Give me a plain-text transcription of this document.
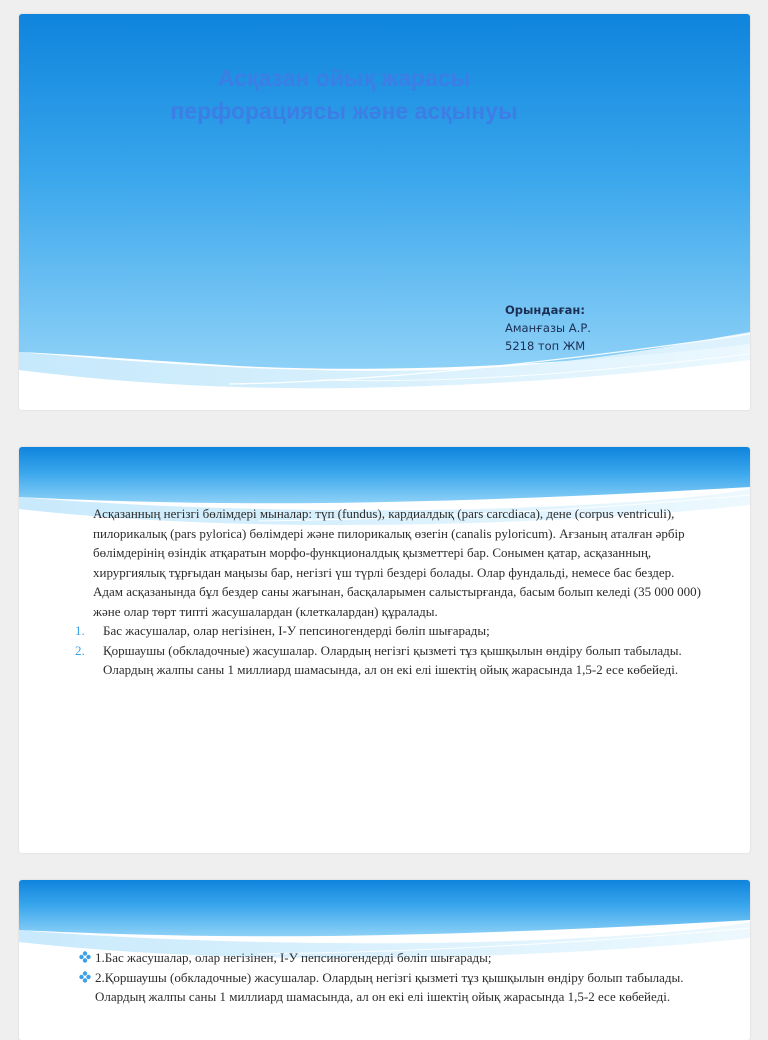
Асқазан ойық жарасы
перфорациясы және асқынуы
Орындаған:
Аманғазы А.Р.
5218 топ ЖМ

Асқазанның негізгі бөлімдері мыналар: түп (fundus), кардиалдық (pars carcdiaca), дене (corpus ventriculi), пилорикалық (pars pylorica) бөлімдері және пилорикалық өзегін (canalis pyloricum). Ағзаның аталған әрбір бөлімдерінің өзіндік атқаратын морфо-функционалдық қызметтері бар. Сонымен қатар, асқазанның, хирургиялық тұрғыдан маңызы бар, негізгі үш түрлі бездері болады. Олар фундальді, немесе бас бездер. Адам асқазанында бұл бездер саны жағынан, басқаларымен салыстырғанда, басым болып келеді (35 000 000) және олар төрт типті жасушалардан (клеткалардан) құралады.

1. Бас жасушалар, олар негізінен, І-У пепсиногендерді бөліп шығарады;
2. Қоршаушы (обкладочные) жасушалар. Олардың негізгі қызметі тұз қышқылын өндіру болып табылады. Олардың жалпы саны 1 миллиард шамасында, ал он екі елі ішектің ойық жарасында 1,5-2 есе көбейеді.
1.Бас жасушалар, олар негізінен, І-У пепсиногендерді бөліп шығарады;
2.Қоршаушы (обкладочные) жасушалар. Олардың негізгі қызметі тұз қышқылын өндіру болып табылады. Олардың жалпы саны 1 миллиард шамасында, ал он екі елі ішектің ойық жарасында 1,5-2 есе көбейеді.
